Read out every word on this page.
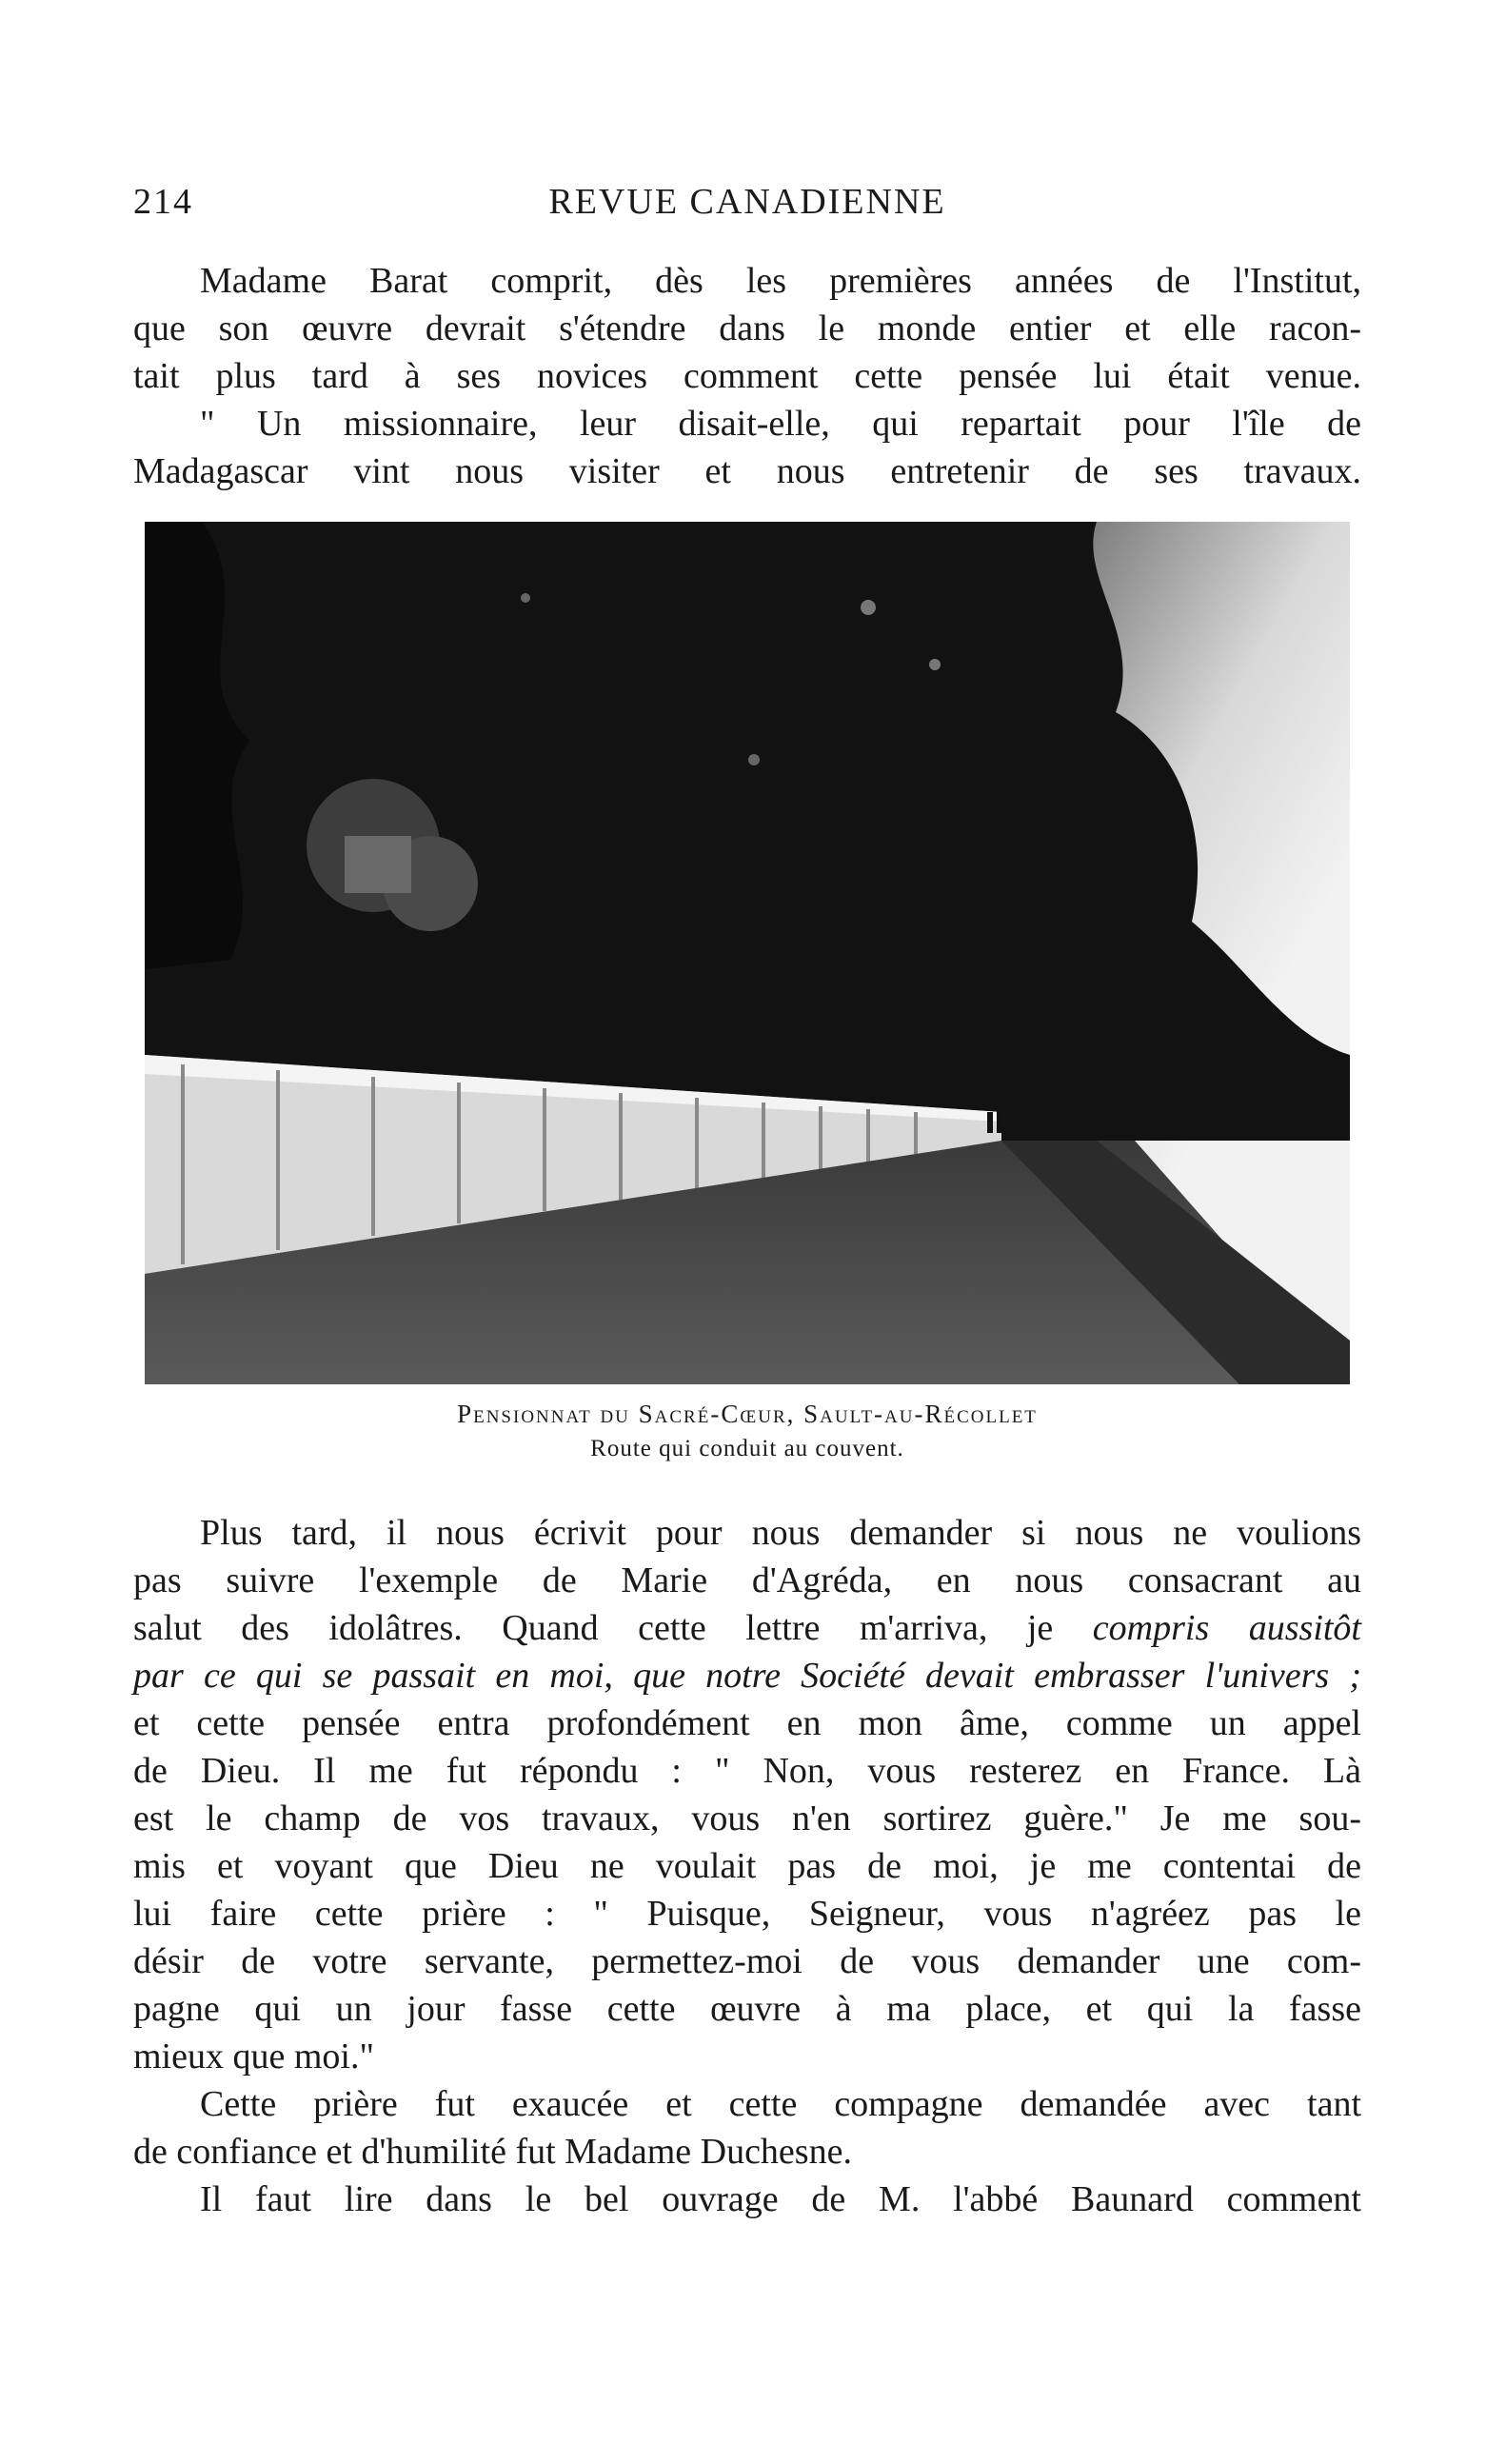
214	REVUE CANADIENNE
Madame Barat comprit, dès les premières années de l'Institut,
que son œuvre devrait s'étendre dans le monde entier et elle racon-
tait plus tard à ses novices comment cette pensée lui était venue.
" Un missionnaire, leur disait-elle, qui repartait pour l'île de
Madagascar vint nous visiter et nous entretenir de ses travaux.
Pensionnat du Sacré-Cœur, Sault-au-Récollet
Route qui conduit au couvent.
Plus tard, il nous écrivit pour nous demander si nous ne voulions
pas suivre l'exemple de Marie d'Agréda, en nous consacrant au
salut des idolâtres. Quand cette lettre m'arriva, je compris aussitôt
par ce qui se passait en moi, que notre Société devait embrasser l'univers ;
et cette pensée entra profondément en mon âme, comme un appel
de Dieu. Il me fut répondu : " Non, vous resterez en France. Là
est le champ de vos travaux, vous n'en sortirez guère." Je me sou-
mis et voyant que Dieu ne voulait pas de moi, je me contentai de
lui faire cette prière : " Puisque, Seigneur, vous n'agréez pas le
désir de votre servante, permettez-moi de vous demander une com-
pagne qui un jour fasse cette œuvre à ma place, et qui la fasse
mieux que moi."
Cette prière fut exaucée et cette compagne demandée avec tant
de confiance et d'humilité fut Madame Duchesne.
Il faut lire dans le bel ouvrage de M. l'abbé Baunard comment
